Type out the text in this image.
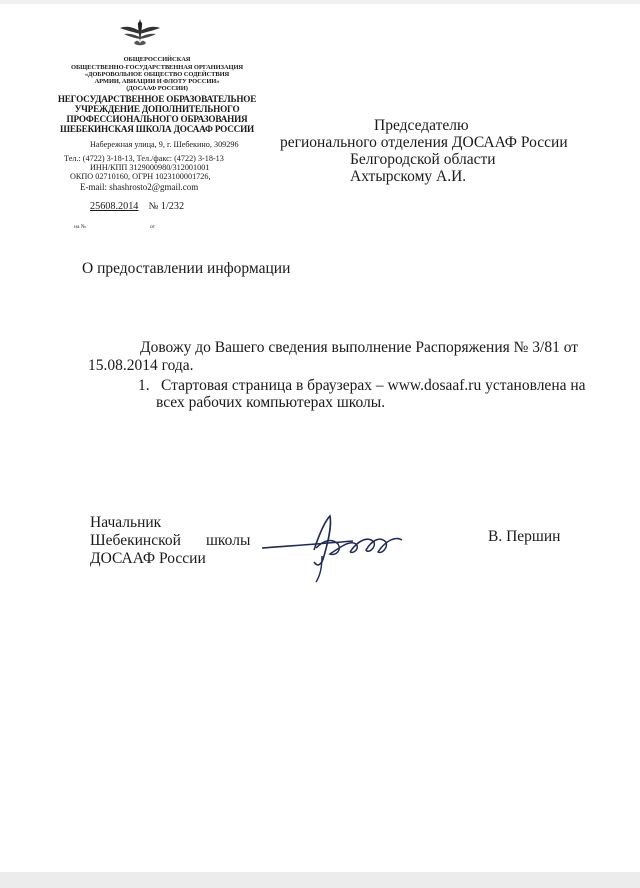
ОБЩЕРОССИЙСКАЯ
ОБЩЕСТВЕННО-ГОСУДАРСТВЕННАЯ ОРГАНИЗАЦИЯ
«ДОБРОВОЛЬНОЕ ОБЩЕСТВО СОДЕЙСТВИЯ
АРМИИ, АВИАЦИИ И ФЛОТУ РОССИИ»
(ДОСААФ РОССИИ)
НЕГОСУДАРСТВЕННОЕ ОБРАЗОВАТЕЛЬНОЕ
УЧРЕЖДЕНИЕ ДОПОЛНИТЕЛЬНОГО
ПРОФЕССИОНАЛЬНОГО ОБРАЗОВАНИЯ
ШЕБЕКИНСКАЯ ШКОЛА ДОСААФ РОССИИ
Набережная улица, 9, г. Шебекино, 309296
Тел.: (4722) 3-18-13, Тел./факс: (4722) 3-18-13
ИНН/КПП 3129000980/312001001
ОКПО 02710160, ОГРН 1023100001726,
E-mail: shashrosto2@gmail.com
25608.2014 № 1/232
на №	от
Председателю
регионального отделения ДОСААФ России
Белгородской области
Ахтырскому А.И.
О предоставлении информации
Довожу до Вашего сведения выполнение Распоряжения № 3/81 от
15.08.2014 года.
1. Стартовая страница в браузерах – www.dosaaf.ru установлена на
всех рабочих компьютерах школы.
Начальник
Шебекинской школы
ДОСААФ России
В. Першин
